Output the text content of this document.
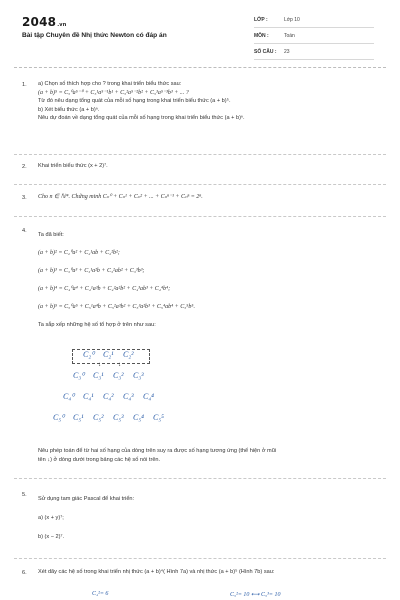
2048.vn
Bài tập Chuyên đề Nhị thức Newton có đáp án
LỚP :	Lớp 10
MÔN :	Toán
SỐ CÂU : 23
1. a) Chọn số thích hợp cho ? trong khai triển biểu thức sau:
(a + b)⁵ = C₅⁰a⁵⁻⁰ + C₅¹a⁵⁻¹b¹ + C₅²a⁵⁻²b² + C₅³a⁵⁻³b³ + ... ?
Từ đó nêu dạng tổng quát của mỗi số hạng trong khai triển biểu thức (a + b)⁵.
b) Xét biểu thức (a + b)ⁿ.
Nêu dự đoán về dạng tổng quát của mỗi số hạng trong khai triển biểu thức (a + b)ⁿ.
2. Khai triển biểu thức (x + 2)⁷.
3. Cho n ∈ ℕ*. Chứng minh Cₙ⁰ + Cₙ¹ + Cₙ² + ... + Cₙⁿ⁻¹ + Cₙⁿ = 2ⁿ.
4.
Ta đã biết:
(a + b)² = C₂⁰a² + C₂¹ab + C₂²b²;
(a + b)³ = C₃⁰a³ + C₃¹a²b + C₃²ab² + C₃³b³;
(a + b)⁴ = C₄⁰a⁴ + C₄¹a³b + C₄²a²b² + C₄³ab³ + C₄⁴b⁴;
(a + b)⁵ = C₅⁰a⁵ + C₅¹a⁴b + C₅²a³b² + C₅³a²b³ + C₅⁴ab⁴ + C₅⁵b⁵.
Ta sắp xếp những hệ số tổ hợp ở trên như sau:
C₂⁰ C₂¹ C₂²
C₃⁰ C₃¹ C₃² C₃³
C₄⁰ C₄¹ C₄² C₄³ C₄⁴
C₅⁰ C₅¹ C₅² C₅³ C₅⁴ C₅⁵
↓	↓
Nêu phép toán để từ hai số hạng của dòng trên suy ra được số hạng tương ứng (thể hiện ở mũi
tên ↓) ở dòng dưới trong bảng các hệ số nói trên.
5.
Sử dụng tam giác Pascal để khai triển:
a) (x + y)⁷;
b) (x − 2)⁷.
6. Xét dãy các hệ số trong khai triển nhị thức (a + b)⁴( Hình 7a) và nhị thức (a + b)⁵ (Hình 7b) sau:
C₄²= 6	C₅²= 10 ⟷ C₅³= 10
